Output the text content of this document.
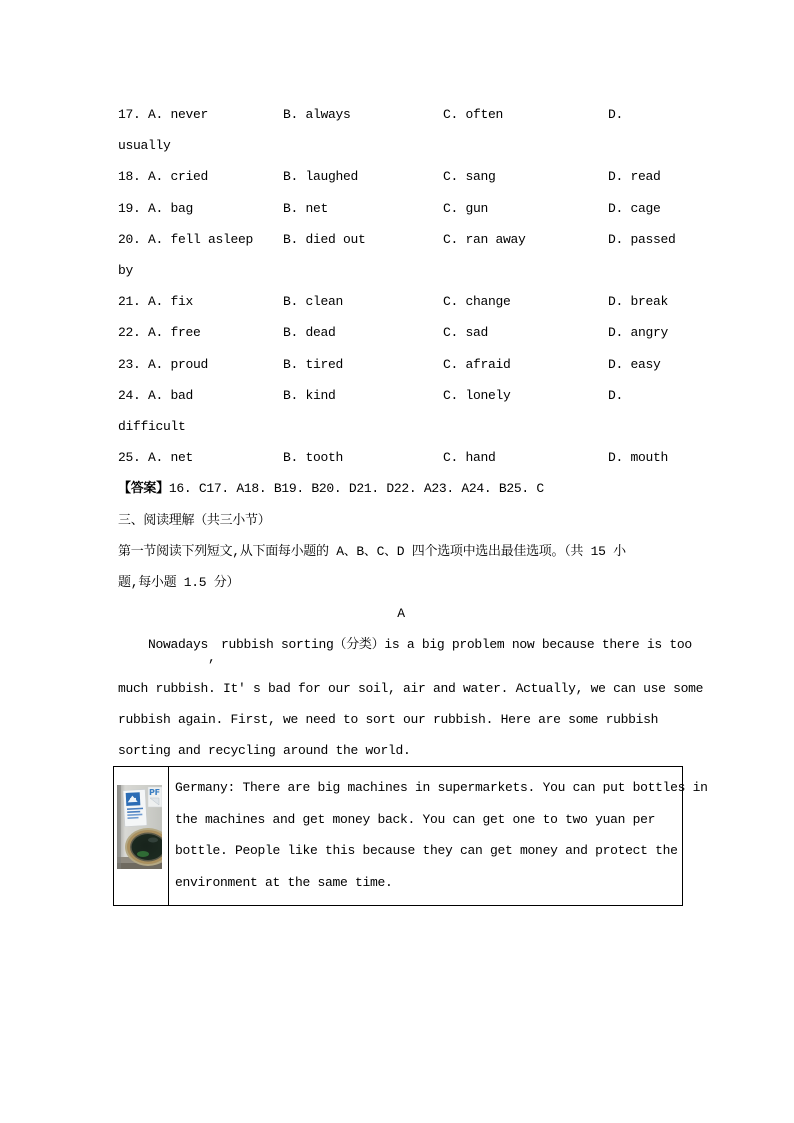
17. A. never	B. always	C. often	D.
usually
18. A. cried	B. laughed	C. sang	D. read
19. A. bag	B. net	C. gun	D. cage
20. A. fell asleep	B. died out	C. ran away	D. passed
by
21. A. fix	B. clean	C. change	D. break
22. A. free	B. dead	C. sad	D. angry
23. A. proud	B. tired	C. afraid	D. easy
24. A. bad	B. kind	C. lonely	D.
difficult
25. A. net	B. tooth	C. hand	D. mouth
【答案】16. C17. A18. B19. B20. D21. D22. A23. A24. B25. C
三、阅读理解（共三小节）
第一节阅读下列短文,从下面每小题的 A、B、C、D 四个选项中选出最佳选项。（共 15 小
题,每小题 1.5 分）
A
Nowadays,rubbish sorting（分类）is a big problem now because there is too
much rubbish. It' s bad for our soil, air and water. Actually, we can use some
rubbish again. First, we need to sort our rubbish. Here are some rubbish
sorting and recycling around the world.
PF	Germany: There are big machines in supermarkets. You can put bottles in
the machines and get money back. You can get one to two yuan per
bottle. People like this because they can get money and protect the
environment at the same time.
